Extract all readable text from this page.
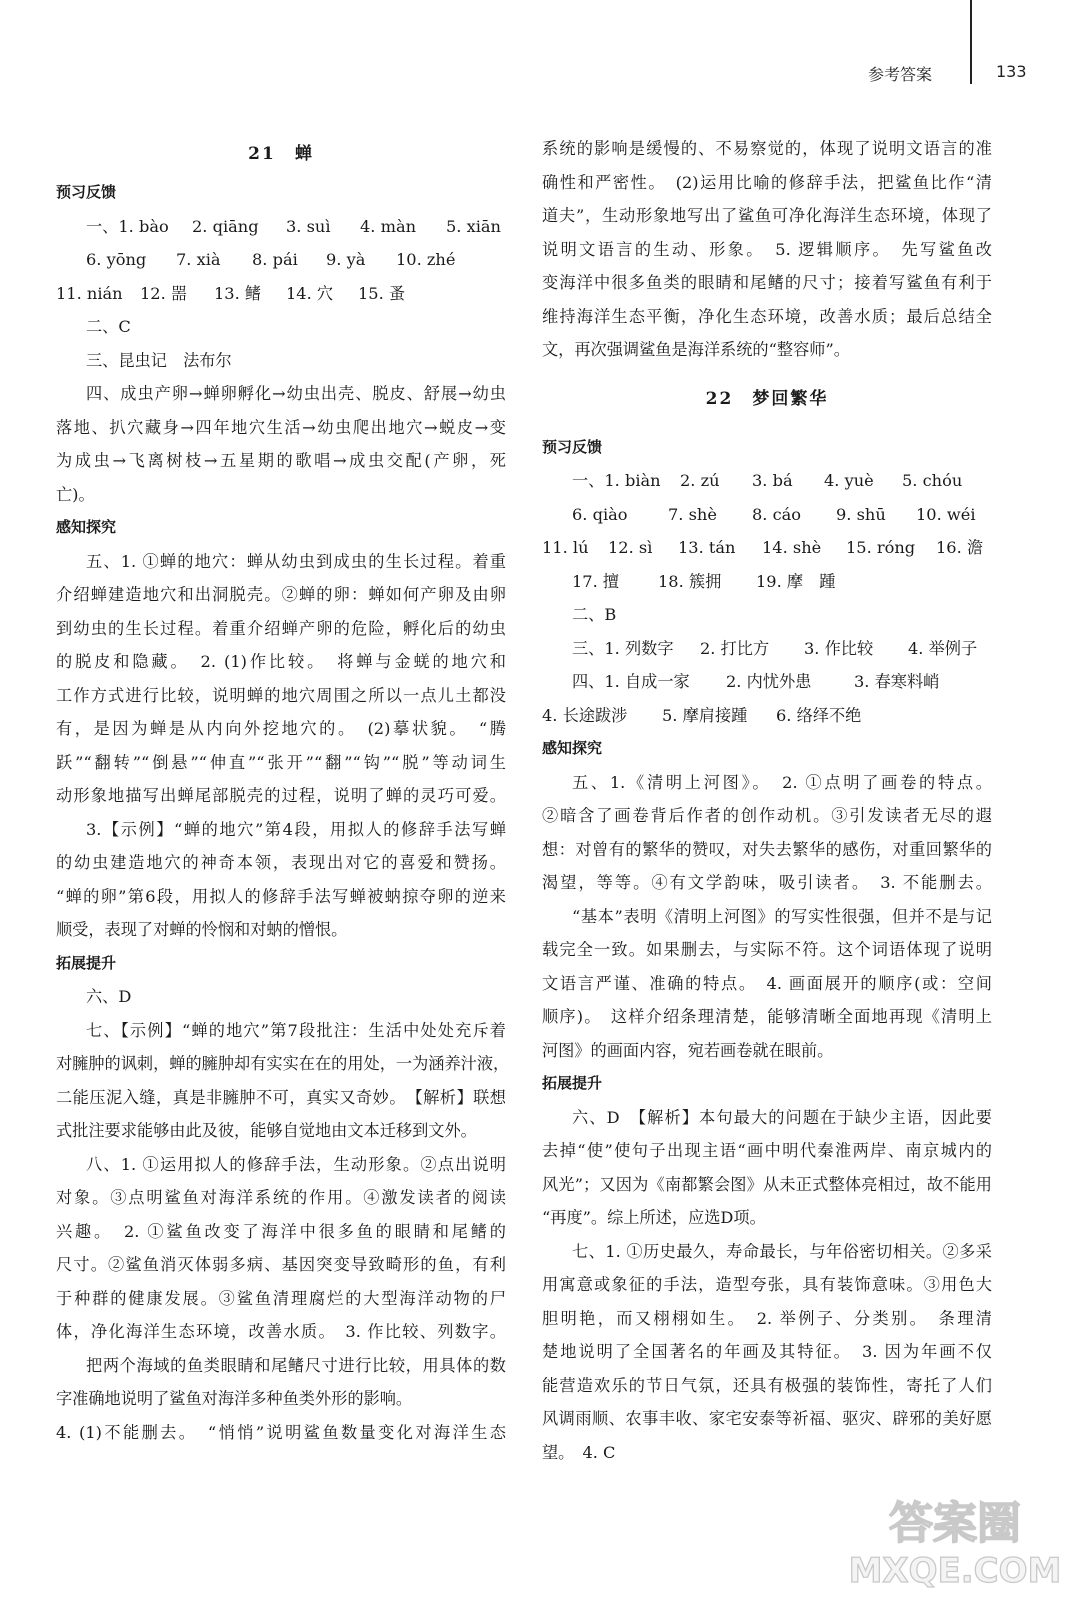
参考答案	133
21　蝉
预习反馈
一、1. bào	2. qiāng	3. suì	4. màn	5. xiān
6. yōng	7. xià	8. pái	9. yà	10. zhé
11. nián	12. 噐	13. 鳍	14. 穴	15. 蚤
二、C
三、昆虫记　法布尔
四、成虫产卵→蝉卵孵化→幼虫出壳、脱皮、舒展→幼虫
落地、扒穴藏身→四年地穴生活→幼虫爬出地穴→蜕皮→变
为成虫→飞离树枝→五星期的歌唱→成虫交配(产卵，死
亡)。
感知探究
五、1. ①蝉的地穴：蝉从幼虫到成虫的生长过程。着重
介绍蝉建造地穴和出洞脱壳。②蝉的卵：蝉如何产卵及由卵
到幼虫的生长过程。着重介绍蝉产卵的危险，孵化后的幼虫
的脱皮和隐藏。　2. (1)作比较。　将蝉与金蜣的地穴和
工作方式进行比较，说明蝉的地穴周围之所以一点儿土都没
有，是因为蝉是从内向外挖地穴的。　(2)摹状貌。　“腾
跃”“翻转”“倒悬”“伸直”“张开”“翻”“钩”“脱”等动词生
动形象地描写出蝉尾部脱壳的过程，说明了蝉的灵巧可爱。
3.【示例】“蝉的地穴”第4段，用拟人的修辞手法写蝉
的幼虫建造地穴的神奇本领，表现出对它的喜爱和赞扬。
“蝉的卵”第6段，用拟人的修辞手法写蝉被蚋掠夺卵的逆来
顺受，表现了对蝉的怜悯和对蚋的憎恨。
拓展提升
六、D
七、【示例】“蝉的地穴”第7段批注：生活中处处充斥着
对臃肿的讽刺，蝉的臃肿却有实实在在的用处，一为涵养汁液，
二能压泥入缝，真是非臃肿不可，真实又奇妙。　【解析】联想
式批注要求能够由此及彼，能够自觉地由文本迁移到文外。
八、1. ①运用拟人的修辞手法，生动形象。②点出说明
对象。③点明鲨鱼对海洋系统的作用。④激发读者的阅读
兴趣。　2. ①鲨鱼改变了海洋中很多鱼的眼睛和尾鳍的
尺寸。②鲨鱼消灭体弱多病、基因突变导致畸形的鱼，有利
于种群的健康发展。③鲨鱼清理腐烂的大型海洋动物的尸
体，净化海洋生态环境，改善水质。　3. 作比较、列数字。
把两个海域的鱼类眼睛和尾鳍尺寸进行比较，用具体的数
字准确地说明了鲨鱼对海洋多种鱼类外形的影响。
4. (1)不能删去。　“悄悄”说明鲨鱼数量变化对海洋生态
系统的影响是缓慢的、不易察觉的，体现了说明文语言的准
确性和严密性。　(2)运用比喻的修辞手法，把鲨鱼比作“清
道夫”，生动形象地写出了鲨鱼可净化海洋生态环境，体现了
说明文语言的生动、形象。　5. 逻辑顺序。　先写鲨鱼改
变海洋中很多鱼类的眼睛和尾鳍的尺寸；接着写鲨鱼有利于
维持海洋生态平衡，净化生态环境，改善水质；最后总结全
文，再次强调鲨鱼是海洋系统的“整容师”。
22　梦回繁华
预习反馈
一、1. biàn	2. zú	3. bá	4. yuè	5. chóu
6. qiào	7. shè	8. cáo	9. shū	10. wéi
11. lú	12. sì	13. tán	14. shè	15. róng	16. 澹
17. 擅	18. 簇拥	19. 摩　踵
二、B
三、1. 列数字	2. 打比方	3. 作比较	4. 举例子
四、1. 自成一家	2. 内忧外患	3. 春寒料峭
4. 长途跋涉	5. 摩肩接踵	6. 络绎不绝
感知探究
五、1.《清明上河图》。　2. ①点明了画卷的特点。
②暗含了画卷背后作者的创作动机。③引发读者无尽的遐
想：对曾有的繁华的赞叹，对失去繁华的感伤，对重回繁华的
渴望，等等。④有文学韵味，吸引读者。　3. 不能删去。
“基本”表明《清明上河图》的写实性很强，但并不是与记
载完全一致。如果删去，与实际不符。这个词语体现了说明
文语言严谨、准确的特点。　4. 画面展开的顺序(或：空间
顺序)。　这样介绍条理清楚，能够清晰全面地再现《清明上
河图》的画面内容，宛若画卷就在眼前。
拓展提升
六、D　【解析】本句最大的问题在于缺少主语，因此要
去掉“使”使句子出现主语“画中明代秦淮两岸、南京城内的
风光”；又因为《南都繁会图》从未正式整体亮相过，故不能用
“再度”。综上所述，应选D项。
七、1. ①历史最久，寿命最长，与年俗密切相关。②多采
用寓意或象征的手法，造型夸张，具有装饰意味。③用色大
胆明艳，而又栩栩如生。　2. 举例子、分类别。　条理清
楚地说明了全国著名的年画及其特征。　3. 因为年画不仅
能营造欢乐的节日气氛，还具有极强的装饰性，寄托了人们
风调雨顺、农事丰收、家宅安泰等祈福、驱灾、辟邪的美好愿
望。　4. C
答案圈
MXQE.COM
